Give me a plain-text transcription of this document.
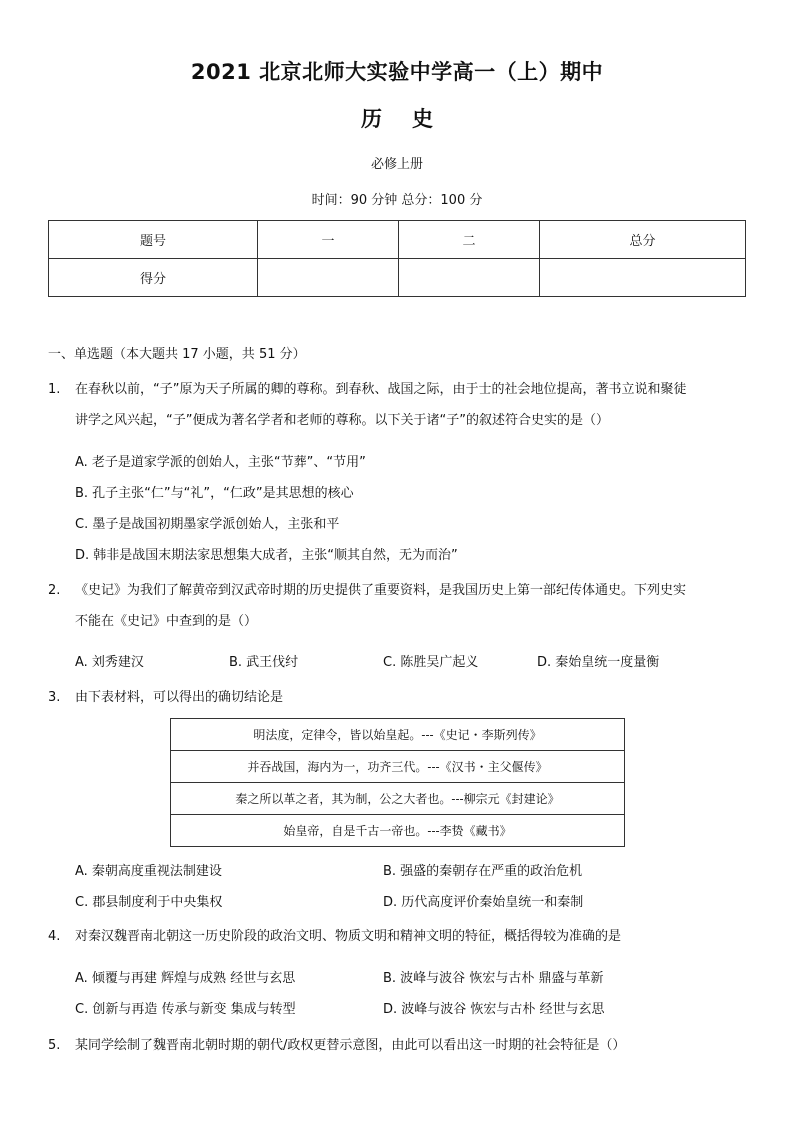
2021 北京北师大实验中学高一（上）期中
历史
必修上册
时间：90 分钟 总分：100 分
题号	一	二	总分
得分			
一、单选题（本大题共 17 小题，共 51 分）
1.	在春秋以前，“子”原为天子所属的卿的尊称。到春秋、战国之际，由于士的社会地位提高，著书立说和聚徒
讲学之风兴起，“子”便成为著名学者和老师的尊称。以下关于诸“子”的叙述符合史实的是（）
A. 老子是道家学派的创始人，主张“节葬”、“节用”
B. 孔子主张“仁”与“礼”，“仁政”是其思想的核心
C. 墨子是战国初期墨家学派创始人，主张和平
D. 韩非是战国末期法家思想集大成者，主张“顺其自然，无为而治”
2.	《史记》为我们了解黄帝到汉武帝时期的历史提供了重要资料，是我国历史上第一部纪传体通史。下列史实
不能在《史记》中查到的是（）
A. 刘秀建汉	B. 武王伐纣	C. 陈胜吴广起义	D. 秦始皇统一度量衡
3.	由下表材料，可以得出的确切结论是
明法度，定律令，皆以始皇起。---《史记・李斯列传》
并吞战国，海内为一，功齐三代。---《汉书・主父偃传》
秦之所以革之者，其为制，公之大者也。---柳宗元《封建论》
始皇帝，自是千古一帝也。---李贽《藏书》
A. 秦朝高度重视法制建设	B. 强盛的秦朝存在严重的政治危机
C. 郡县制度利于中央集权	D. 历代高度评价秦始皇统一和秦制
4.	对秦汉魏晋南北朝这一历史阶段的政治文明、物质文明和精神文明的特征，概括得较为准确的是
A. 倾覆与再建 辉煌与成熟 经世与玄思	B. 波峰与波谷 恢宏与古朴 鼎盛与革新
C. 创新与再造 传承与新变 集成与转型	D. 波峰与波谷 恢宏与古朴 经世与玄思
5.	某同学绘制了魏晋南北朝时期的朝代/政权更替示意图，由此可以看出这一时期的社会特征是（）
